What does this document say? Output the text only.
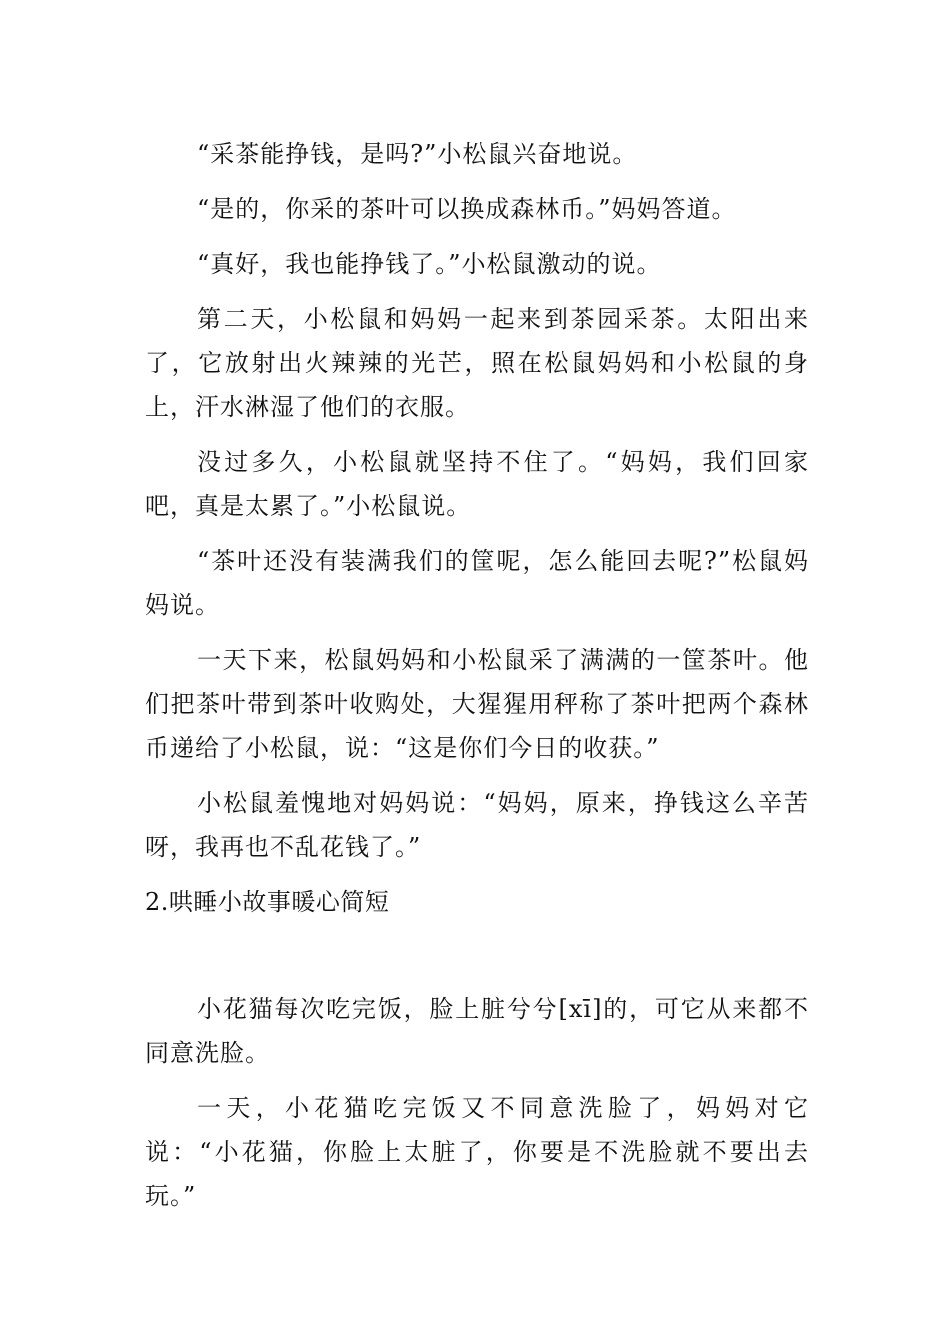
“采茶能挣钱，是吗?”小松鼠兴奋地说。

“是的，你采的茶叶可以换成森林币。”妈妈答道。

“真好，我也能挣钱了。”小松鼠激动的说。

第二天，小松鼠和妈妈一起来到茶园采茶。太阳出来了，它放射出火辣辣的光芒，照在松鼠妈妈和小松鼠的身上，汗水淋湿了他们的衣服。

没过多久，小松鼠就坚持不住了。“妈妈，我们回家吧，真是太累了。”小松鼠说。

“茶叶还没有装满我们的筐呢，怎么能回去呢?”松鼠妈妈说。

一天下来，松鼠妈妈和小松鼠采了满满的一筐茶叶。他们把茶叶带到茶叶收购处，大猩猩用秤称了茶叶把两个森林币递给了小松鼠，说：“这是你们今日的收获。”

小松鼠羞愧地对妈妈说：“妈妈，原来，挣钱这么辛苦呀，我再也不乱花钱了。”

2.哄睡小故事暖心简短

小花猫每次吃完饭，脸上脏兮兮[xī]的，可它从来都不同意洗脸。

一天，小花猫吃完饭又不同意洗脸了，妈妈对它说：“小花猫，你脸上太脏了，你要是不洗脸就不要出去玩。”
